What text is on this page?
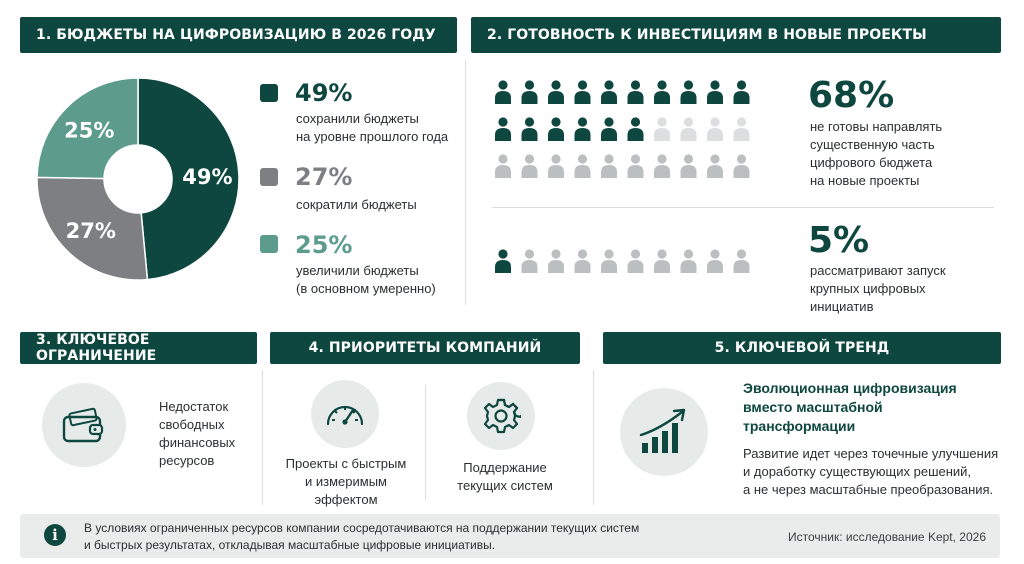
1. БЮДЖЕТЫ НА ЦИФРОВИЗАЦИЮ В 2026 ГОДУ
49%
27%
25%
49%
сохранили бюджеты
на уровне прошлого года
27%
сократили бюджеты
25%
увеличили бюджеты
(в основном умеренно)
2. ГОТОВНОСТЬ К ИНВЕСТИЦИЯМ В НОВЫЕ ПРОЕКТЫ
68%
не готовы направлять
существенную часть
цифрового бюджета
на новые проекты
5%
рассматривают запуск
крупных цифровых
инициатив
3. КЛЮЧЕВОЕ ОГРАНИЧЕНИЕ
Недостаток
свободных
финансовых
ресурсов
4. ПРИОРИТЕТЫ КОМПАНИЙ
Проекты с быстрым
и измеримым
эффектом
Поддержание
текущих систем
5. КЛЮЧЕВОЙ ТРЕНД
Эволюционная цифровизация
вместо масштабной
трансформации
Развитие идет через точечные улучшения
и доработку существующих решений,
а не через масштабные преобразования.
i	В условиях ограниченных ресурсов компании сосредотачиваются на поддержании текущих систем
и быстрых результатах, откладывая масштабные цифровые инициативы.
Источник: исследование Kept, 2026
